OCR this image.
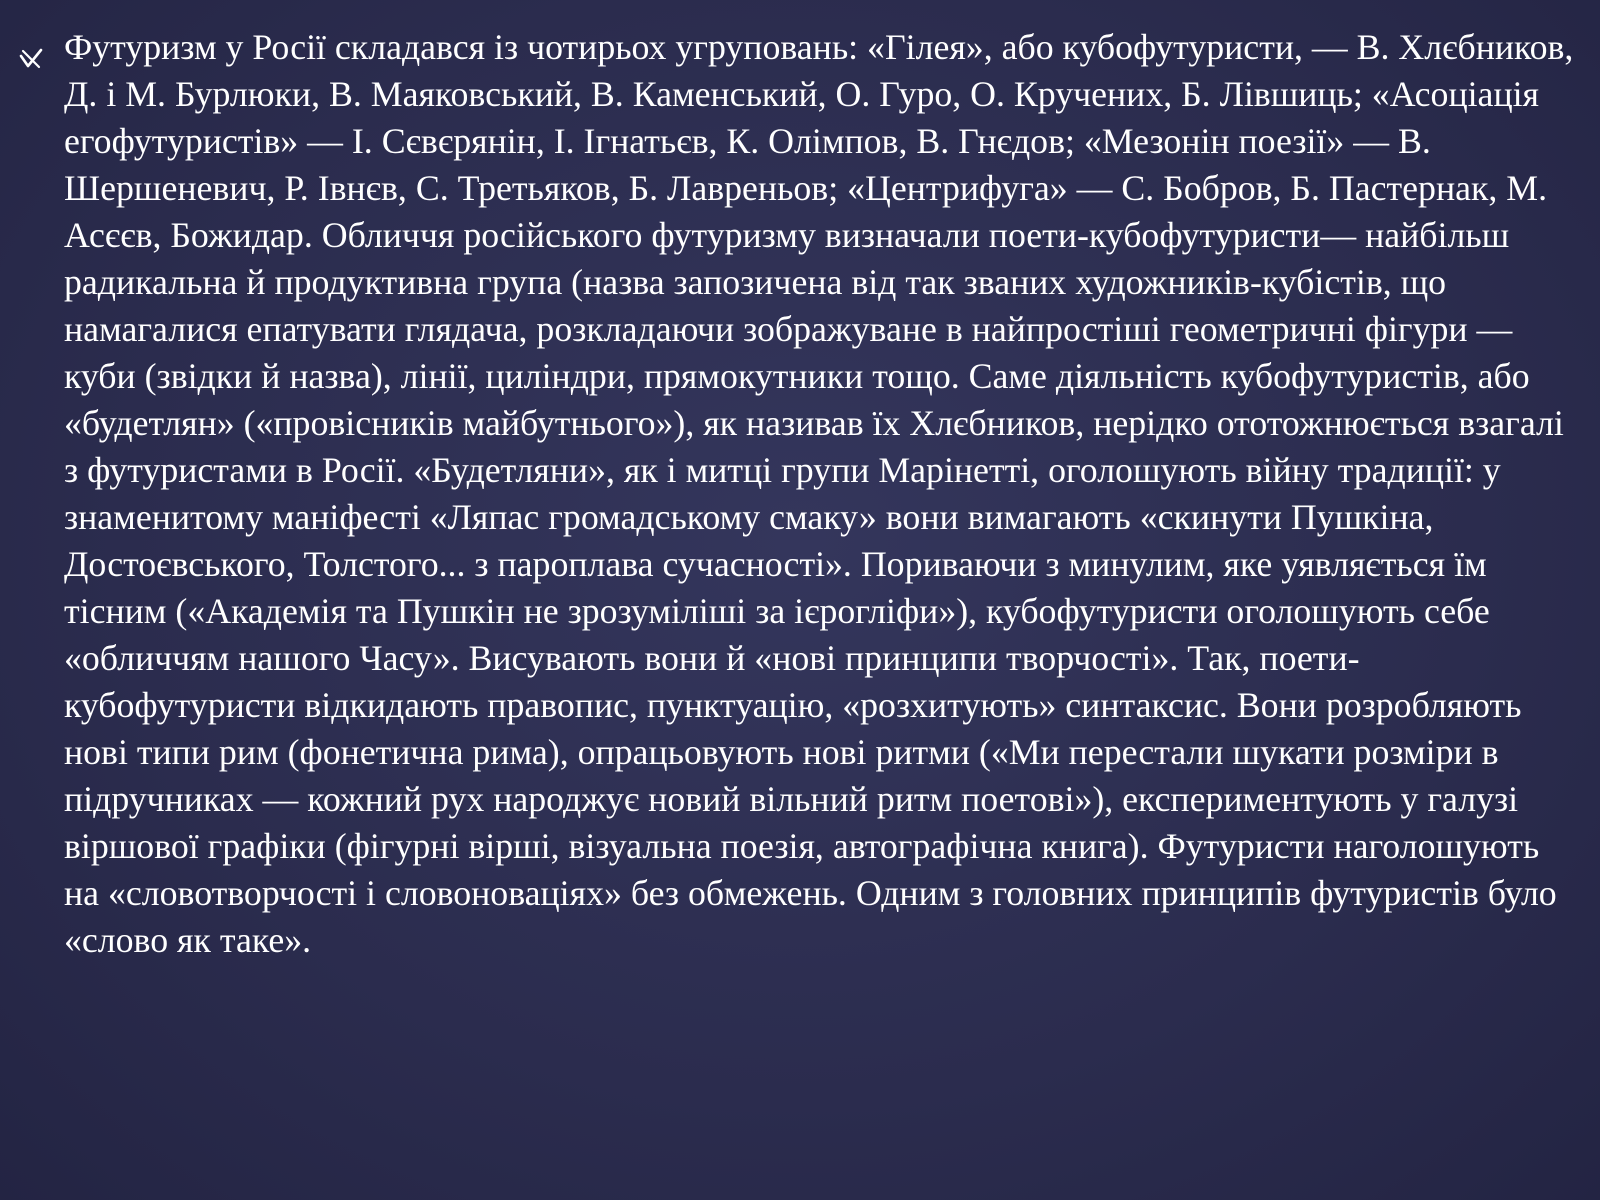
Футуризм у Росії складався із чотирьох угруповань: «Гілея», або кубофутуристи, — В. Хлєбников, Д. і М. Бурлюки, В. Маяковський, В. Каменський, О. Гуро, О. Кручених, Б. Лівшиць; «Асоціація егофутуристів» — І. Сєвєрянін, І. Ігнатьєв, К. Олімпов, В. Гнєдов; «Мезонін поезії» — В. Шершеневич, Р. Івнєв, С. Третьяков, Б. Лавреньов; «Центрифуга» — С. Бобров, Б. Пастернак, М. Асєєв, Божидар. Обличчя російського футуризму визначали поети-кубофутуристи— найбільш радикальна й продуктивна група (назва запозичена від так званих художників-кубістів, що намагалися епатувати глядача, розкладаючи зображуване в найпростіші геометричні фігури — куби (звідки й назва), лінії, циліндри, прямокутники тощо. Саме діяльність кубофутуристів, або «будетлян» («провісників майбутнього»), як називав їх Хлєбников, нерідко ототожнюється взагалі з футуристами в Росії. «Будетляни», як і митці групи Марінетті, оголошують війну традиції: у знаменитому маніфесті «Ляпас громадському смаку» вони вимагають «скинути Пушкіна, Достоєвського, Толстого... з пароплава сучасності». Пориваючи з минулим, яке уявляється їм тісним («Академія та Пушкін не зрозуміліші за ієрогліфи»), кубофутуристи оголошують себе «обличчям нашого Часу». Висувають вони й «нові принципи творчості». Так, поети-кубофутуристи відкидають правопис, пунктуацію, «розхитують» синтаксис. Вони розробляють нові типи рим (фонетична рима), опрацьовують нові ритми («Ми перестали шукати розміри в підручниках — кожний рух народжує новий вільний ритм поетові»), експериментують у галузі віршової графіки (фігурні вірші, візуальна поезія, автографічна книга). Футуристи наголошують на «словотворчості і словоноваціях» без обмежень. Одним з головних принципів футуристів було «слово як таке».
